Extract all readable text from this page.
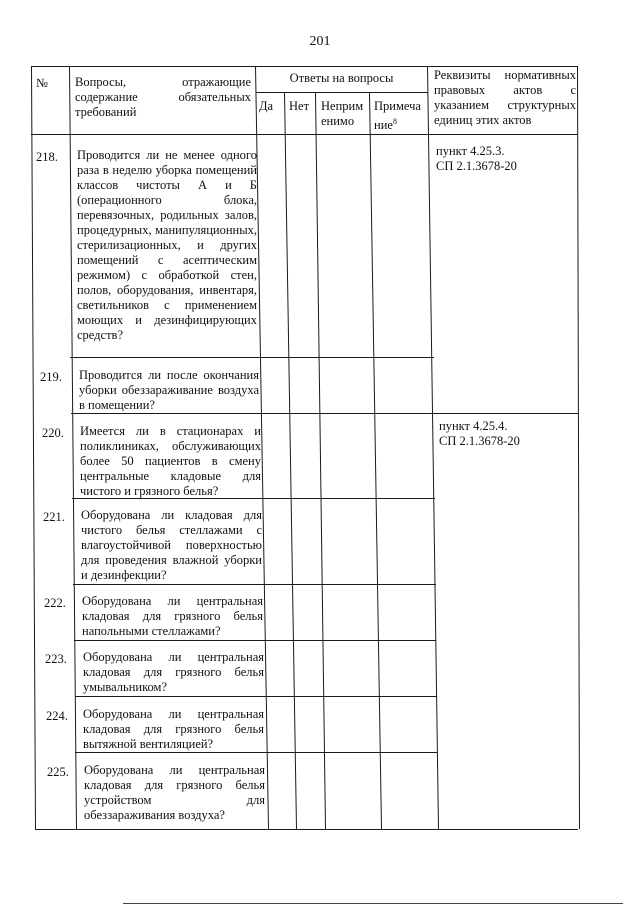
201
№ Вопросы, отражающие содержание обязательных требований
Ответы на вопросы
Да Нет Неприм
енимо
Примеча
ние$^8$
Реквизиты нормативных правовых актов с указанием структурных единиц этих актов
218.
219.
220.
221.
222.
223.
224.
225.
Проводится ли не менее одного раза в неделю уборка помещений классов чистоты А и Б (операционного блока, перевязочных, родильных залов, процедурных, манипуляционных, стерилизационных, и других помещений с асептическим режимом) с обработкой стен, полов, оборудования, инвентаря, светильников с применением моющих и дезинфицирующих средств?
Проводится ли после окончания уборки обеззараживание воздуха в помещении?
Имеется ли в стационарах и поликлиниках, обслуживающих более 50 пациентов в смену центральные кладовые для чистого и грязного белья?
Оборудована ли кладовая для чистого белья стеллажами с влагоустойчивой поверхностью для проведения влажной уборки и дезинфекции?
Оборудована ли центральная кладовая для грязного белья напольными стеллажами?
Оборудована ли центральная кладовая для грязного белья умывальником?
Оборудована ли центральная кладовая для грязного белья вытяжной вентиляцией?
Оборудована ли центральная кладовая для грязного белья устройством для обеззараживания воздуха?
пункт 4.25.3.
СП 2.1.3678-20
пункт 4.25.4.
СП 2.1.3678-20
